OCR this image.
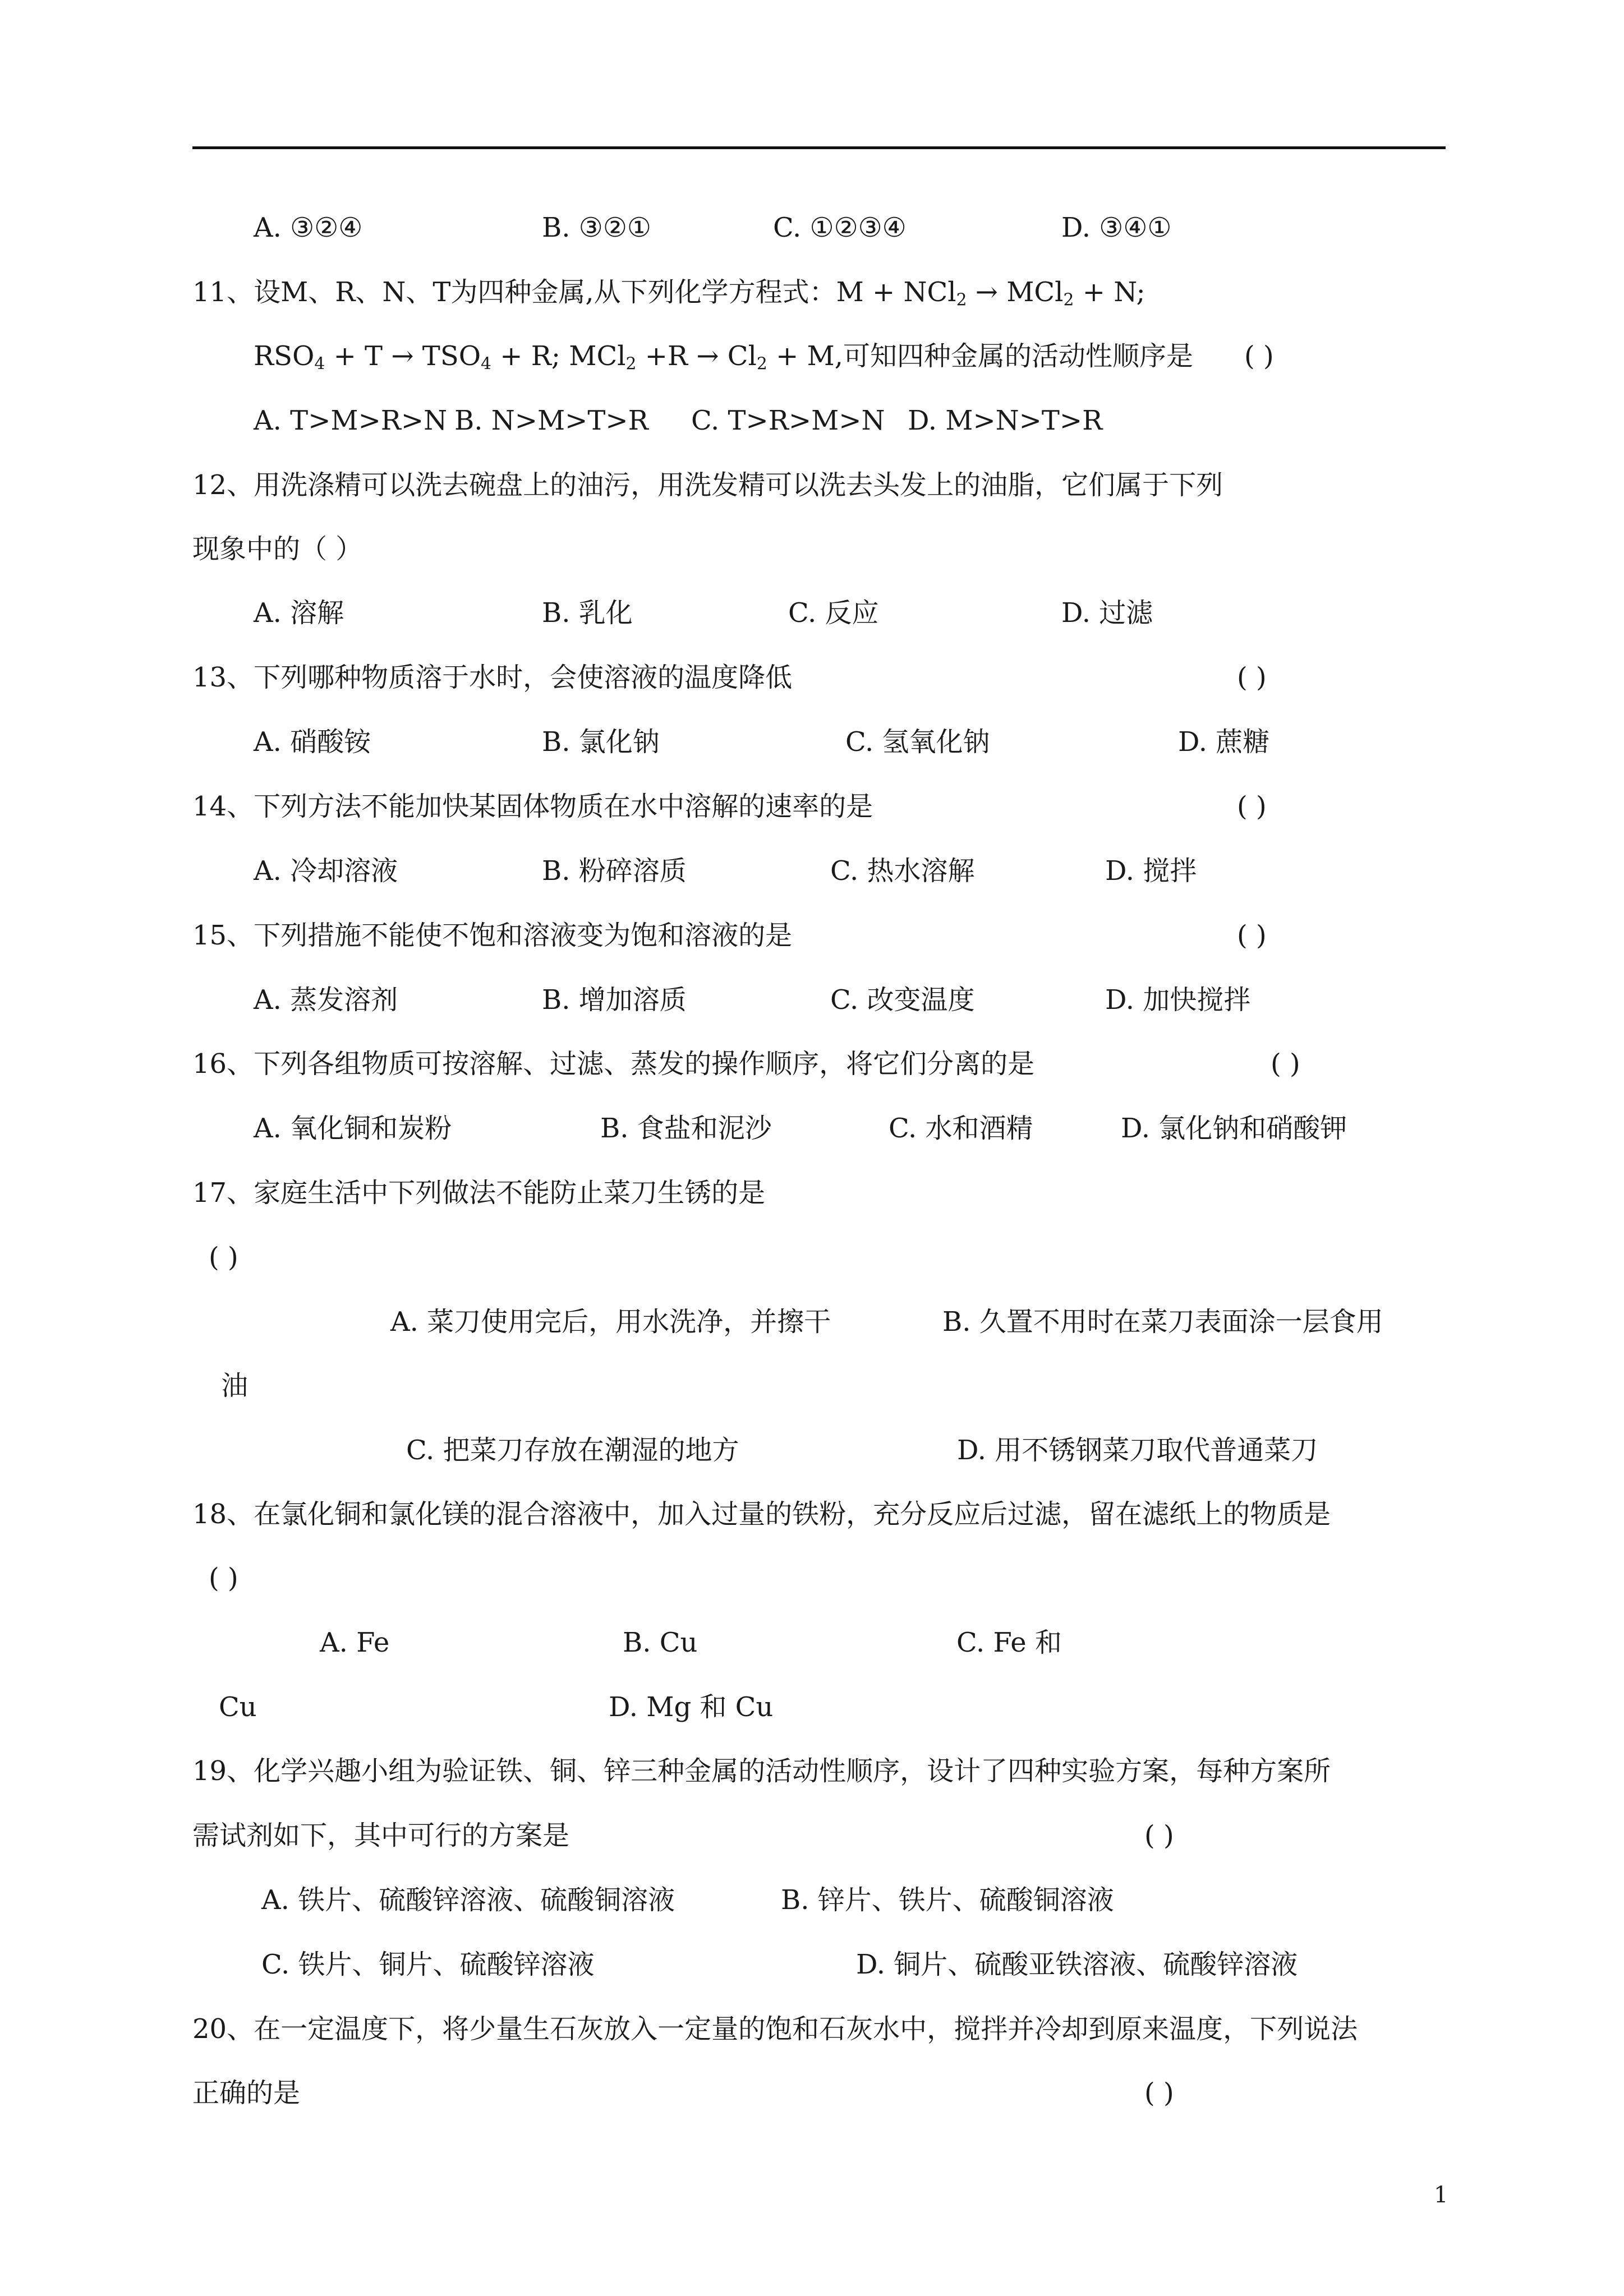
A. ③②④	B. ③②①	C. ①②③④	D. ③④①
11、设M、R、N、T为四种金属,从下列化学方程式：M + NCl$_2$ → MCl$_2$ + N;
$RSO_4 + T \to TSO_4 + R$; $MCl_2 +R \to Cl_2 + M$,可知四种金属的活动性顺序是 ( )
A. T>M>R>N B. N>M>T>R C. T>R>M>N D. M>N>T>R
12、用洗涤精可以洗去碗盘上的油污，用洗发精可以洗去头发上的油脂，它们属于下列
现象中的（ ）
A. 溶解	B. 乳化	C. 反应	D. 过滤
13、下列哪种物质溶于水时，会使溶液的温度降低	( )
A. 硝酸铵	B. 氯化钠	C. 氢氧化钠	D. 蔗糖
14、下列方法不能加快某固体物质在水中溶解的速率的是	( )
A. 冷却溶液	B. 粉碎溶质	C. 热水溶解	D. 搅拌
15、下列措施不能使不饱和溶液变为饱和溶液的是	( )
A. 蒸发溶剂	B. 增加溶质	C. 改变温度	D. 加快搅拌
16、下列各组物质可按溶解、过滤、蒸发的操作顺序，将它们分离的是	( )
A. 氧化铜和炭粉	B. 食盐和泥沙	C. 水和酒精	D. 氯化钠和硝酸钾
17、家庭生活中下列做法不能防止菜刀生锈的是
( )
A. 菜刀使用完后，用水洗净，并擦干	B. 久置不用时在菜刀表面涂一层食用
油
C. 把菜刀存放在潮湿的地方	D. 用不锈钢菜刀取代普通菜刀
18、在氯化铜和氯化镁的混合溶液中，加入过量的铁粉，充分反应后过滤，留在滤纸上的物质是
( )
A. Fe	B. Cu	C. Fe 和
Cu	D. Mg 和 Cu
19、化学兴趣小组为验证铁、铜、锌三种金属的活动性顺序，设计了四种实验方案，每种方案所
需试剂如下，其中可行的方案是	( )
A. 铁片、硫酸锌溶液、硫酸铜溶液	B. 锌片、铁片、硫酸铜溶液
C. 铁片、铜片、硫酸锌溶液	D. 铜片、硫酸亚铁溶液、硫酸锌溶液
20、在一定温度下，将少量生石灰放入一定量的饱和石灰水中，搅拌并冷却到原来温度，下列说法
正确的是	( )
1
